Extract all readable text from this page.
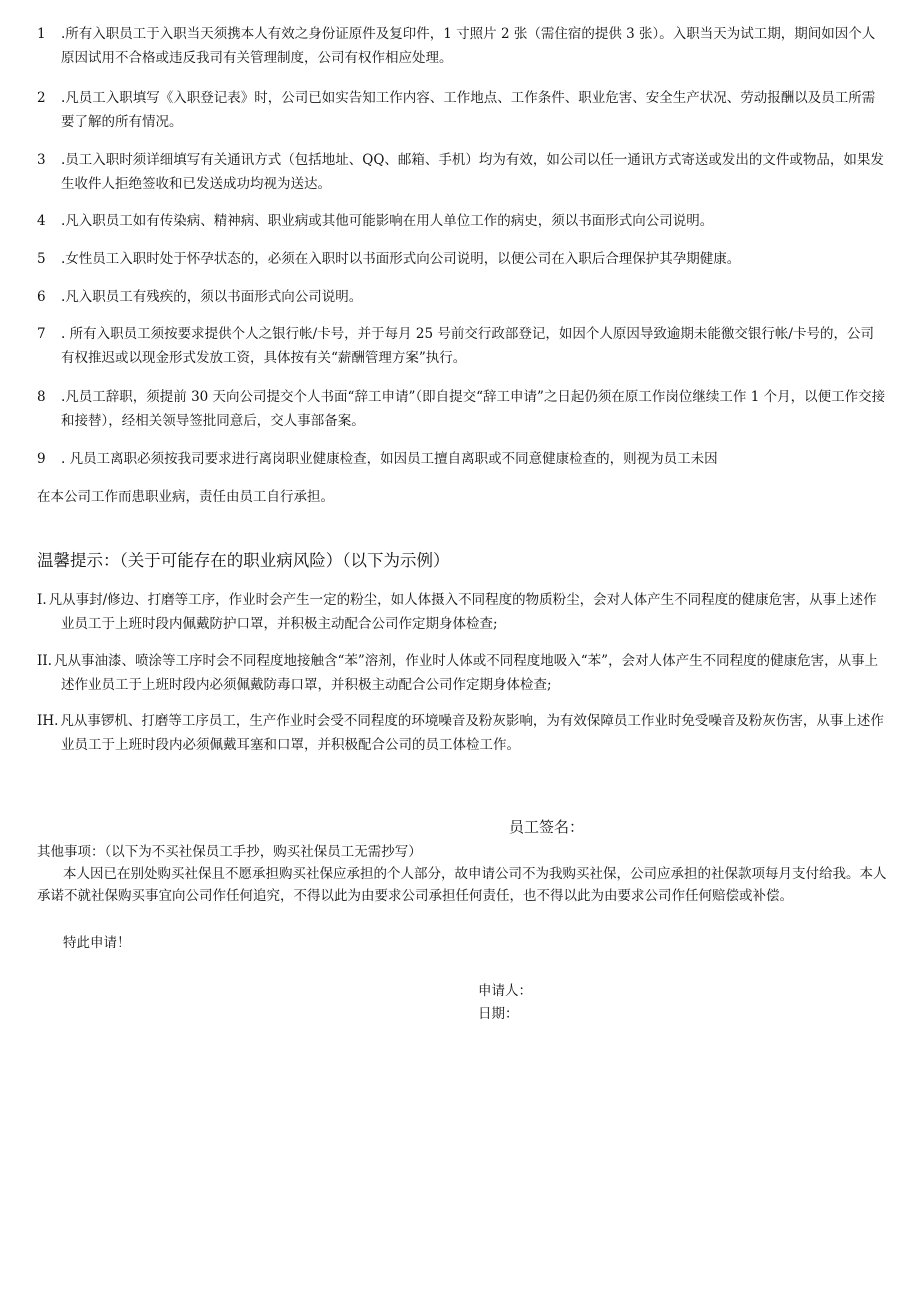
1 .所有入职员工于入职当天须携本人有效之身份证原件及复印件，1 寸照片 2 张（需住宿的提供 3 张）。入职当天为试工期，期间如因个人原因试用不合格或违反我司有关管理制度，公司有权作相应处理。

2 .凡员工入职填写《入职登记表》时，公司已如实告知工作内容、工作地点、工作条件、职业危害、安全生产状况、劳动报酬以及员工所需要了解的所有情况。

3 .员工入职时须详细填写有关通讯方式（包括地址、QQ、邮箱、手机）均为有效，如公司以任一通讯方式寄送或发出的文件或物品，如果发生收件人拒绝签收和已发送成功均视为送达。

4 .凡入职员工如有传染病、精神病、职业病或其他可能影响在用人单位工作的病史，须以书面形式向公司说明。

5 .女性员工入职时处于怀孕状态的，必须在入职时以书面形式向公司说明，以便公司在入职后合理保护其孕期健康。

6 .凡入职员工有残疾的，须以书面形式向公司说明。

7 . 所有入职员工须按要求提供个人之银行帐/卡号，并于每月 25 号前交行政部登记，如因个人原因导致逾期未能徼交银行帐/卡号的，公司有权推迟或以现金形式发放工资，具体按有关“薪酬管理方案”执行。

8 .凡员工辞职，须提前 30 天向公司提交个人书面“辞工申请”（即自提交“辞工申请”之日起仍须在原工作岗位继续工作 1 个月，以便工作交接和接替），经相关领导签批同意后，交人事部备案。

9 . 凡员工离职必须按我司要求进行离岗职业健康检查，如因员工擅自离职或不同意健康检查的，则视为员工未因

在本公司工作而患职业病，责任由员工自行承担。

温馨提示：（关于可能存在的职业病风险）（以下为示例）

I. 凡从事封/修边、打磨等工序，作业时会产生一定的粉尘，如人体摄入不同程度的物质粉尘，会对人体产生不同程度的健康危害，从事上述作业员工于上班时段内佩戴防护口罩，并积极主动配合公司作定期身体检查;

II. 凡从事油漆、喷涂等工序时会不同程度地接触含“苯”溶剂，作业时人体或不同程度地吸入“苯”，会对人体产生不同程度的健康危害，从事上述作业员工于上班时段内必须佩戴防毒口罩，并积极主动配合公司作定期身体检查;

IH. 凡从事锣机、打磨等工序员工，生产作业时会受不同程度的环境噪音及粉灰影响，为有效保障员工作业时免受噪音及粉灰伤害，从事上述作业员工于上班时段内必须佩戴耳塞和口罩，并积极配合公司的员工体检工作。

员工签名：

其他事项：（以下为不买社保员工手抄，购买社保员工无需抄写）

本人因已在别处购买社保且不愿承担购买社保应承担的个人部分，故申请公司不为我购买社保，公司应承担的社保款项每月支付给我。本人承诺不就社保购买事宜向公司作任何追究，不得以此为由要求公司承担任何责任，也不得以此为由要求公司作任何赔偿或补偿。

特此申请！

申请人：

日期：
